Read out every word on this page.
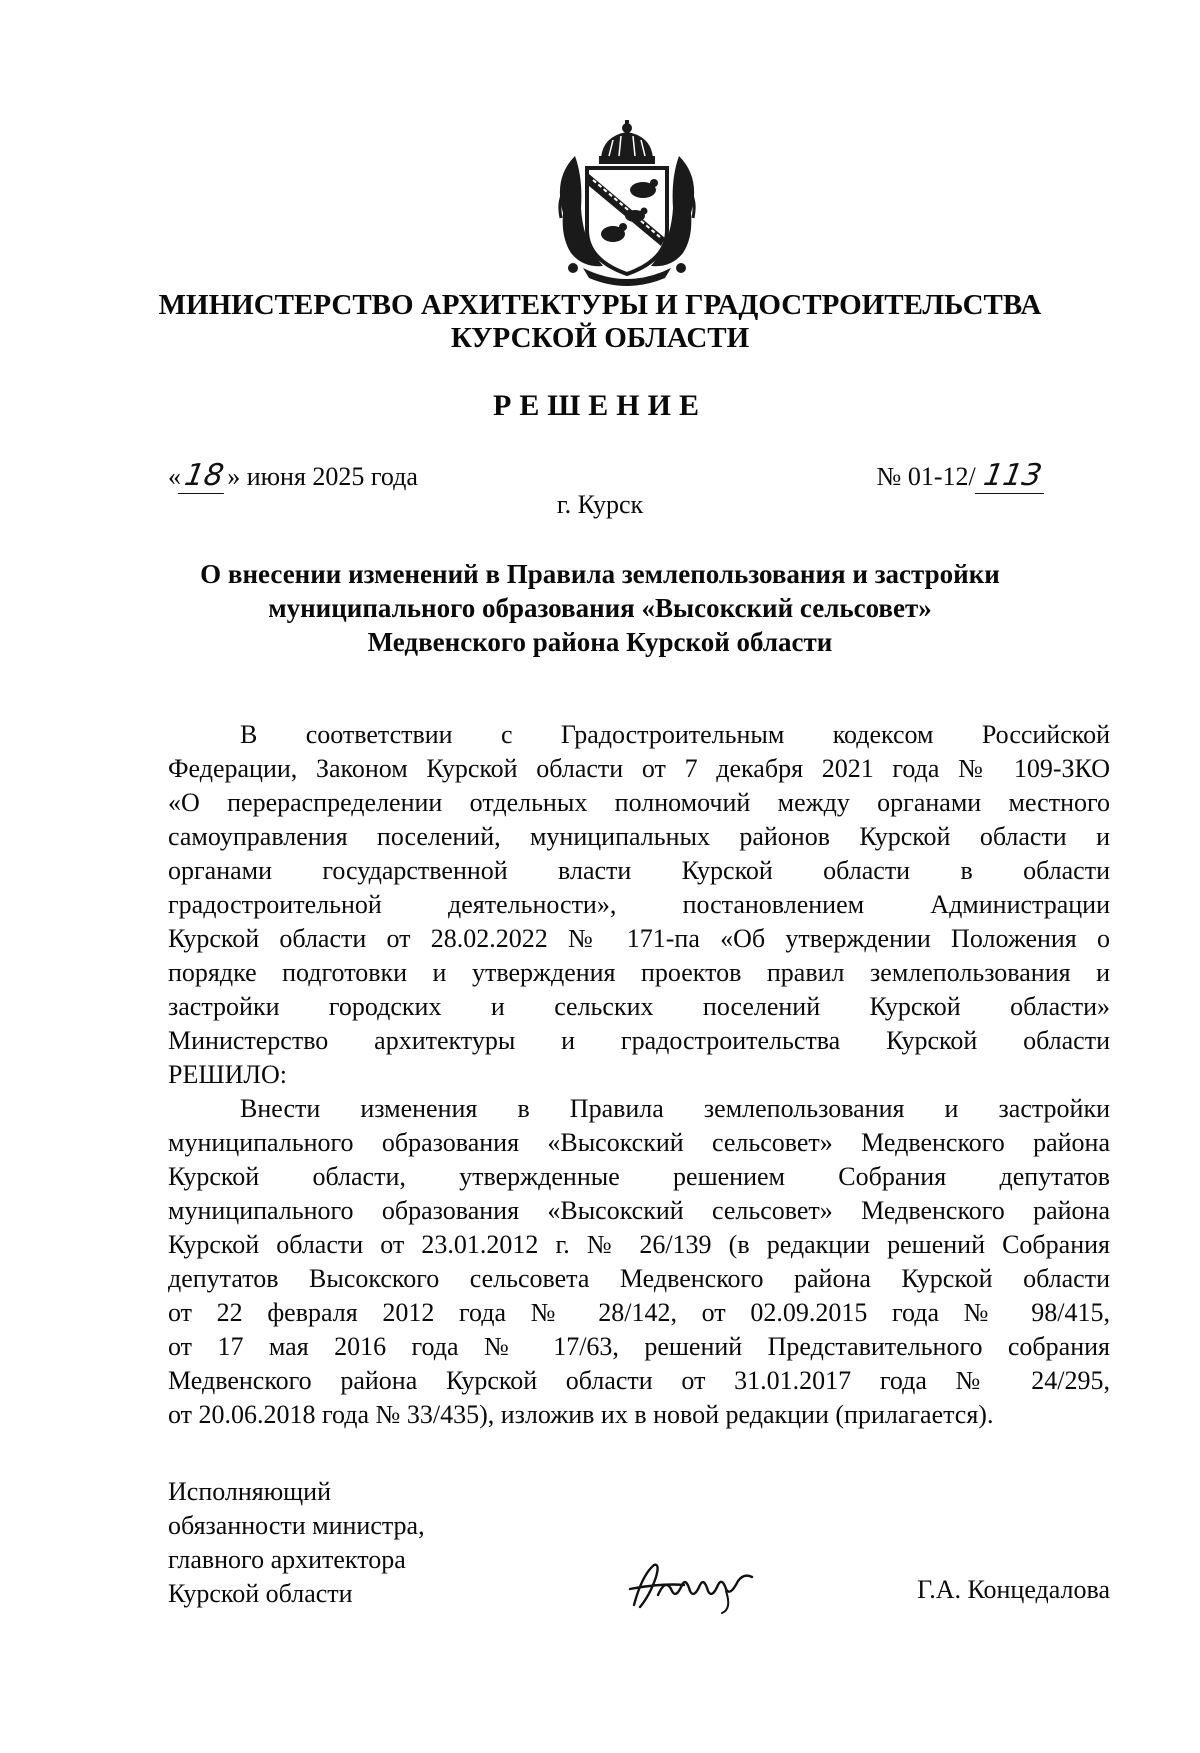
МИНИСТЕРСТВО АРХИТЕКТУРЫ И ГРАДОСТРОИТЕЛЬСТВА
КУРСКОЙ ОБЛАСТИ
РЕШЕНИЕ
«18» июня 2025 года	№ 01-12/ 113
г. Курск
О внесении изменений в Правила землепользования и застройки
муниципального образования «Высокский сельсовет»
Медвенского района Курской области
В соответствии с Градостроительным кодексом Российской
Федерации, Законом Курской области от 7 декабря 2021 года № 109-ЗКО
«О перераспределении отдельных полномочий между органами местного
самоуправления поселений, муниципальных районов Курской области и
органами государственной власти Курской области в области
градостроительной деятельности», постановлением Администрации
Курской области от 28.02.2022 № 171-па «Об утверждении Положения о
порядке подготовки и утверждения проектов правил землепользования и
застройки городских и сельских поселений Курской области»
Министерство архитектуры и градостроительства Курской области
РЕШИЛО:
Внести изменения в Правила землепользования и застройки
муниципального образования «Высокский сельсовет» Медвенского района
Курской области, утвержденные решением Собрания депутатов
муниципального образования «Высокский сельсовет» Медвенского района
Курской области от 23.01.2012 г. № 26/139 (в редакции решений Собрания
депутатов Высокского сельсовета Медвенского района Курской области
от 22 февраля 2012 года № 28/142, от 02.09.2015 года № 98/415,
от 17 мая 2016 года № 17/63, решений Представительного собрания
Медвенского района Курской области от 31.01.2017 года № 24/295,
от 20.06.2018 года № 33/435), изложив их в новой редакции (прилагается).
Исполняющий
обязанности министра,
главного архитектора
Курской области	Г.А. Концедалова
